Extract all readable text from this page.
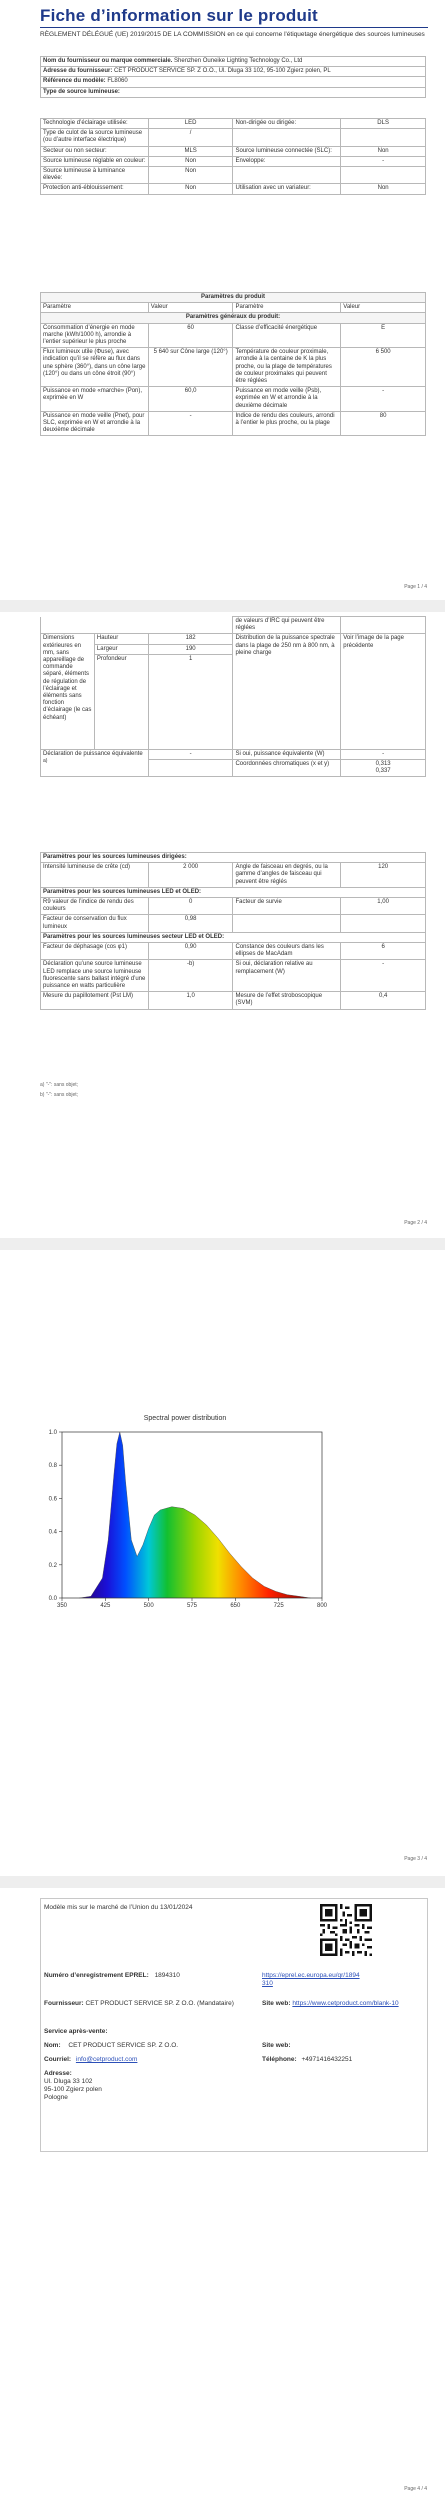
Fiche d’information sur le produit
RÈGLEMENT DÉLÉGUÉ (UE) 2019/2015 DE LA COMMISSION en ce qui concerne l'étiquetage énergétique des sources lumineuses
Nom du fournisseur ou marque commerciale. Shenzhen Ouneike Lighting Technology Co., Ltd
Adresse du fournisseur: CET PRODUCT SERVICE SP. Z O.O., Ul. Dluga 33 102, 95-100 Zgierz polen, PL
Référence du modèle: FL8060
Type de source lumineuse:
Technologie d’éclairage utilisée:	LED	Non-dirigée ou dirigée:	DLS
Type de culot de la source lumineuse (ou d’autre interface électrique)	/		
Secteur ou non secteur:	MLS	Source lumineuse connectée (SLC):	Non
Source lumineuse réglable en couleur:	Non	Enveloppe:	-
Source lumineuse à luminance élevée:	Non		
Protection anti-éblouissement:	Non	Utilisation avec un variateur:	Non
Paramètres du produit			
Paramètre	Valeur	Paramètre	Valeur
Paramètres généraux du produit:			
Consommation d’énergie en mode marche (kWh/1000 h), arrondie à l’entier supérieur le plus proche	60	Classe d’efficacité énergétique	E
Flux lumineux utile (Φuse), avec indication qu’il se réfère au flux dans une sphère (360°), dans un cône large (120°) ou dans un cône étroit (90°)	5 640 sur Cône large (120°)	Température de couleur proximale, arrondie à la centaine de K la plus proche, ou la plage de températures de couleur proximales qui peuvent être réglées	6 500
Puissance en mode «marche» (Pon), exprimée en W	60,0	Puissance en mode veille (Psb), exprimée en W et arrondie à la deuxième décimale	-
Puissance en mode veille (Pnet), pour SLC, exprimée en W et arrondie à la deuxième décimale	-	Indice de rendu des couleurs, arrondi à l’entier le plus proche, ou la plage	80
Page 1 / 4
			de valeurs d’IRC qui peuvent être réglées	
Dimensions extérieures en mm, sans appareillage de commande séparé, éléments de régulation de l’éclairage et éléments sans fonction d’éclairage (le cas échéant)	Hauteur	182	Distribution de la puissance spectrale dans la plage de 250 nm à 800 nm, à pleine charge	Voir l’image de la page précédente
	Largeur	190		
	Profondeur	1		
Déclaration de puissance équivalente $^{a)}$		-	Si oui, puissance équivalente (W)	-
			Coordonnées chromatiques (x et y)	0,313
0,337
Paramètres pour les sources lumineuses dirigées:			
Intensité lumineuse de crête (cd)	2 000	Angle de faisceau en degrés, ou la gamme d’angles de faisceau qui peuvent être réglés	120
Paramètres pour les sources lumineuses LED et OLED:			
R9 valeur de l’indice de rendu des couleurs	0	Facteur de survie	1,00
Facteur de conservation du flux lumineux	0,98		
Paramètres pour les sources lumineuses secteur LED et OLED:			
Facteur de déphasage (cos φ1)	0,90	Constance des couleurs dans les ellipses de MacAdam	6
Déclaration qu’une source lumineuse LED remplace une source lumineuse fluorescente sans ballast intégré d’une puissance en watts particulière	-b)	Si oui, déclaration relative au remplacement (W)	-
Mesure du papillotement (Pst LM)	1,0	Mesure de l’effet stroboscopique (SVM)	0,4
a) "-": sans objet;
b) "-": sans objet;
Page 2 / 4
Spectral power distribution
350	425	500	575	650	725	800
0.0
0.2
0.4
0.6
0.8
1.0
Page 3 / 4
Modèle mis sur le marché de l’Union du 13/01/2024
Numéro d’enregistrement EPREL: 1894310	https://eprel.ec.europa.eu/qr/1894310
Fournisseur: CET PRODUCT SERVICE SP. Z O.O. (Mandataire)	Site web: https://www.cetproduct.com/blank-10
Service après-vente:
Nom: CET PRODUCT SERVICE SP. Z O.O.	Site web:
Courriel: info@cetproduct.com	Téléphone: +4971416432251
Adresse:
Ul. Dluga 33 102
95-100 Zgierz polen
Pologne
Page 4 / 4
